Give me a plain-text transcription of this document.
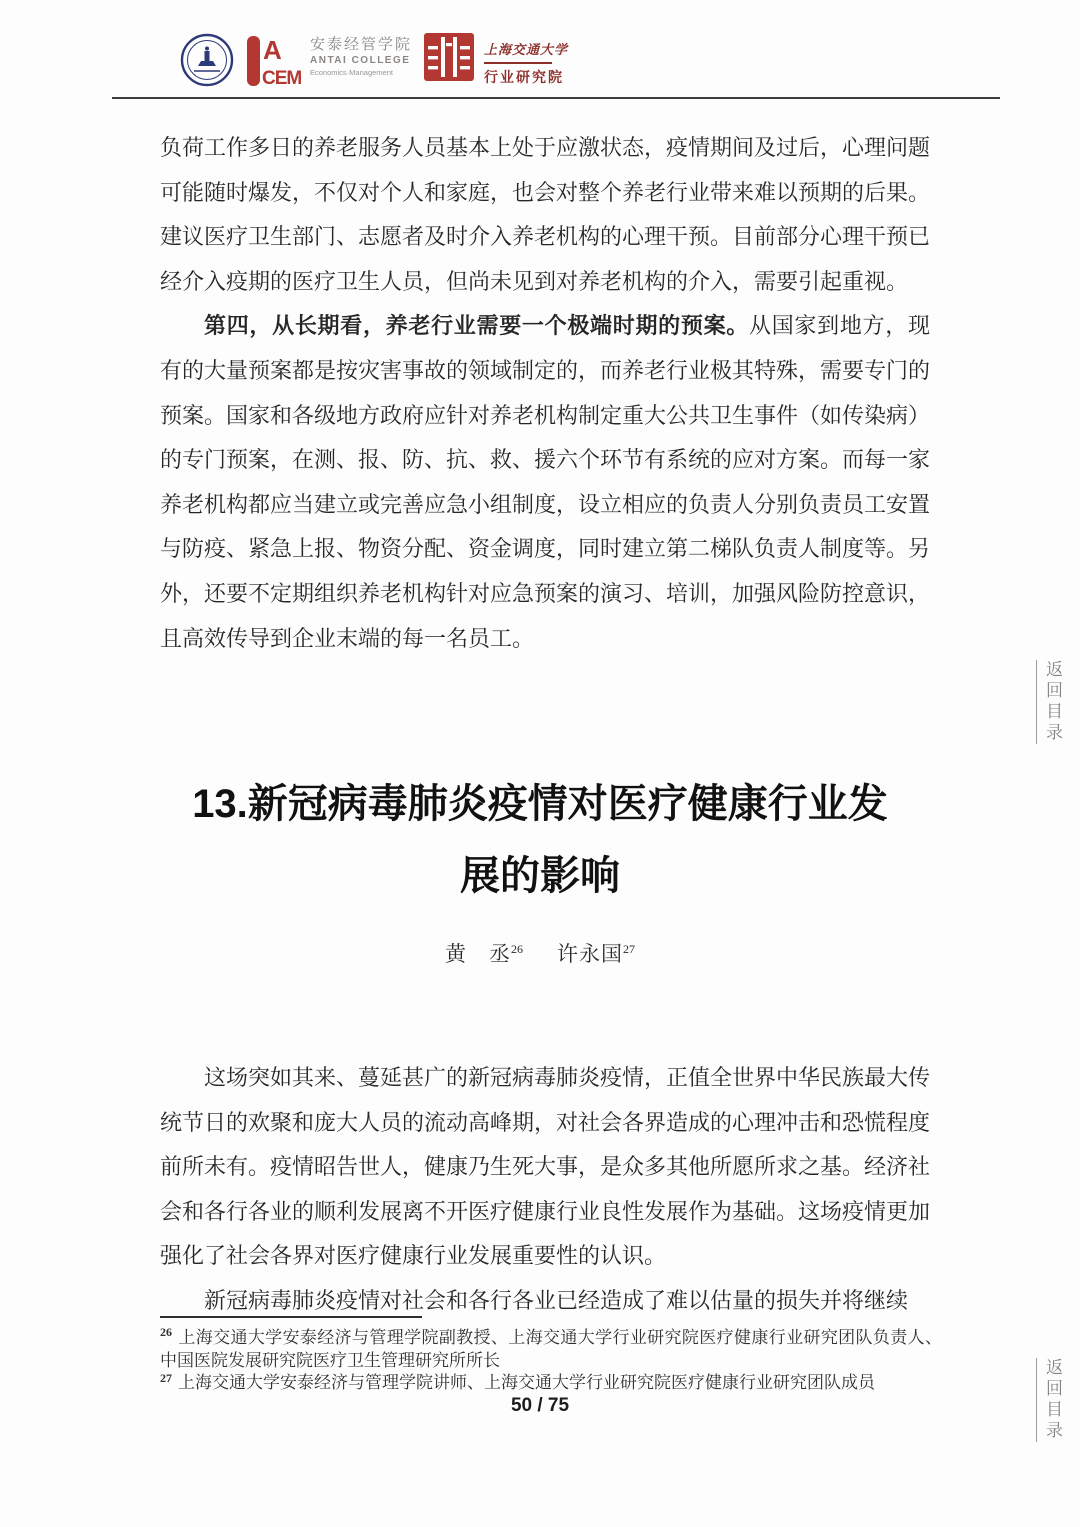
A
CEM
安泰经管学院
ANTAI COLLEGE
Economics·Management
上海交通大学
行业研究院

负荷工作多日的养老服务人员基本上处于应激状态，疫情期间及过后，心理问题可能随时爆发，不仅对个人和家庭，也会对整个养老行业带来难以预期的后果。建议医疗卫生部门、志愿者及时介入养老机构的心理干预。目前部分心理干预已经介入疫期的医疗卫生人员，但尚未见到对养老机构的介入，需要引起重视。

第四，从长期看，养老行业需要一个极端时期的预案。从国家到地方，现有的大量预案都是按灾害事故的领域制定的，而养老行业极其特殊，需要专门的预案。国家和各级地方政府应针对养老机构制定重大公共卫生事件（如传染病）的专门预案，在测、报、防、抗、救、援六个环节有系统的应对方案。而每一家养老机构都应当建立或完善应急小组制度，设立相应的负责人分别负责员工安置与防疫、紧急上报、物资分配、资金调度，同时建立第二梯队负责人制度等。另外，还要不定期组织养老机构针对应急预案的演习、培训，加强风险防控意识，且高效传导到企业末端的每一名员工。

13.新冠病毒肺炎疫情对医疗健康行业发
展的影响
黄　丞$^{26}$ 许永国$^{27}$

这场突如其来、蔓延甚广的新冠病毒肺炎疫情，正值全世界中华民族最大传统节日的欢聚和庞大人员的流动高峰期，对社会各界造成的心理冲击和恐慌程度前所未有。疫情昭告世人，健康乃生死大事，是众多其他所愿所求之基。经济社会和各行各业的顺利发展离不开医疗健康行业良性发展作为基础。这场疫情更加强化了社会各界对医疗健康行业发展重要性的认识。

新冠病毒肺炎疫情对社会和各行各业已经造成了难以估量的损失并将继续

$^{26}$ 上海交通大学安泰经济与管理学院副教授、上海交通大学行业研究院医疗健康行业研究团队负责人、中国医院发展研究院医疗卫生管理研究所所长

$^{27}$ 上海交通大学安泰经济与管理学院讲师、上海交通大学行业研究院医疗健康行业研究团队成员

50 / 75
返回目录
返回目录
